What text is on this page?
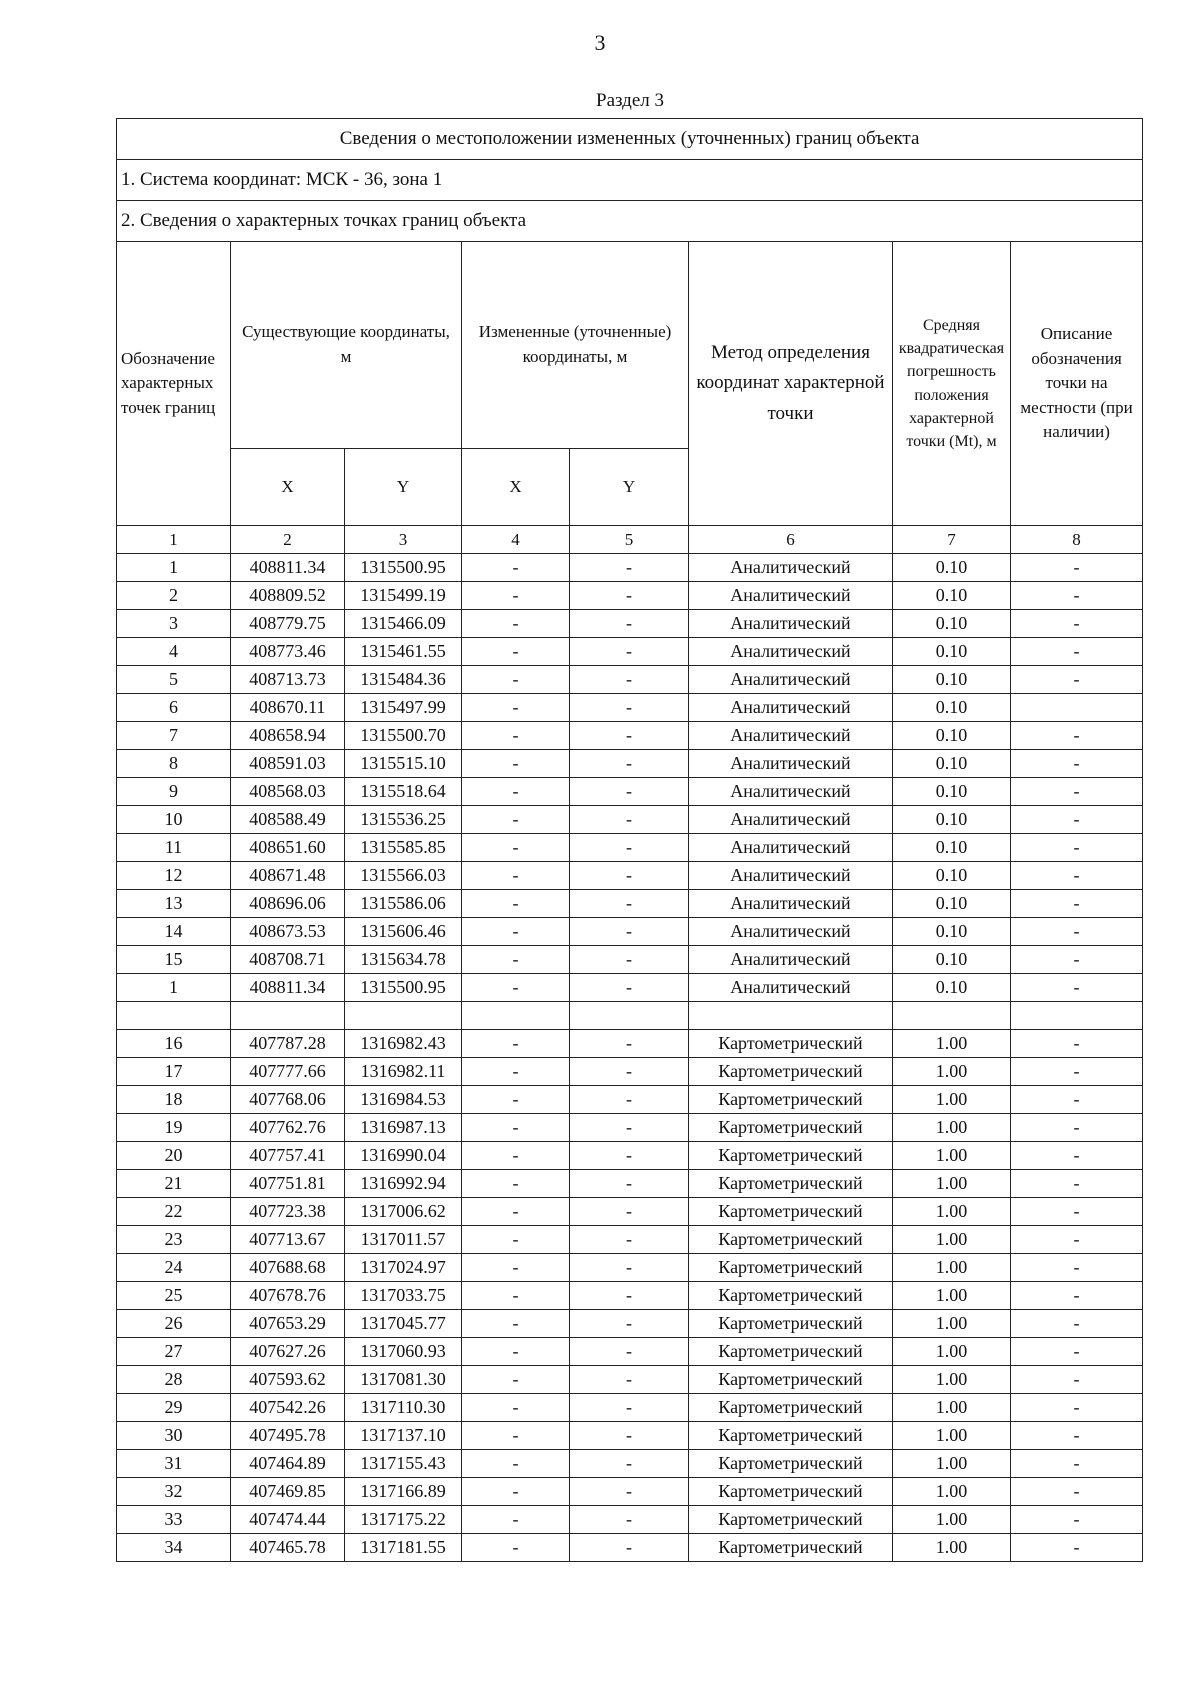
3
Раздел 3
Сведения о местоположении измененных (уточненных) границ объекта							
1. Система координат: МСК - 36, зона 1							
2. Сведения о характерных точках границ объекта							
Обозначение характерных точек границ	Существующие координаты, м		Измененные (уточненные) координаты, м		Метод определения координат характерной точки	Средняя квадратическая погрешность положения характерной точки (Mt), м	Описание обозначения точки на местности (при наличии)
	X	Y	X	Y			
1	2	3	4	5	6	7	8
1	408811.34	1315500.95	-	-	Аналитический	0.10	-
2	408809.52	1315499.19	-	-	Аналитический	0.10	-
3	408779.75	1315466.09	-	-	Аналитический	0.10	-
4	408773.46	1315461.55	-	-	Аналитический	0.10	-
5	408713.73	1315484.36	-	-	Аналитический	0.10	-
6	408670.11	1315497.99	-	-	Аналитический	0.10	
7	408658.94	1315500.70	-	-	Аналитический	0.10	-
8	408591.03	1315515.10	-	-	Аналитический	0.10	-
9	408568.03	1315518.64	-	-	Аналитический	0.10	-
10	408588.49	1315536.25	-	-	Аналитический	0.10	-
11	408651.60	1315585.85	-	-	Аналитический	0.10	-
12	408671.48	1315566.03	-	-	Аналитический	0.10	-
13	408696.06	1315586.06	-	-	Аналитический	0.10	-
14	408673.53	1315606.46	-	-	Аналитический	0.10	-
15	408708.71	1315634.78	-	-	Аналитический	0.10	-
1	408811.34	1315500.95	-	-	Аналитический	0.10	-

16	407787.28	1316982.43	-	-	Картометрический	1.00	-
17	407777.66	1316982.11	-	-	Картометрический	1.00	-
18	407768.06	1316984.53	-	-	Картометрический	1.00	-
19	407762.76	1316987.13	-	-	Картометрический	1.00	-
20	407757.41	1316990.04	-	-	Картометрический	1.00	-
21	407751.81	1316992.94	-	-	Картометрический	1.00	-
22	407723.38	1317006.62	-	-	Картометрический	1.00	-
23	407713.67	1317011.57	-	-	Картометрический	1.00	-
24	407688.68	1317024.97	-	-	Картометрический	1.00	-
25	407678.76	1317033.75	-	-	Картометрический	1.00	-
26	407653.29	1317045.77	-	-	Картометрический	1.00	-
27	407627.26	1317060.93	-	-	Картометрический	1.00	-
28	407593.62	1317081.30	-	-	Картометрический	1.00	-
29	407542.26	1317110.30	-	-	Картометрический	1.00	-
30	407495.78	1317137.10	-	-	Картометрический	1.00	-
31	407464.89	1317155.43	-	-	Картометрический	1.00	-
32	407469.85	1317166.89	-	-	Картометрический	1.00	-
33	407474.44	1317175.22	-	-	Картометрический	1.00	-
34	407465.78	1317181.55	-	-	Картометрический	1.00	-
